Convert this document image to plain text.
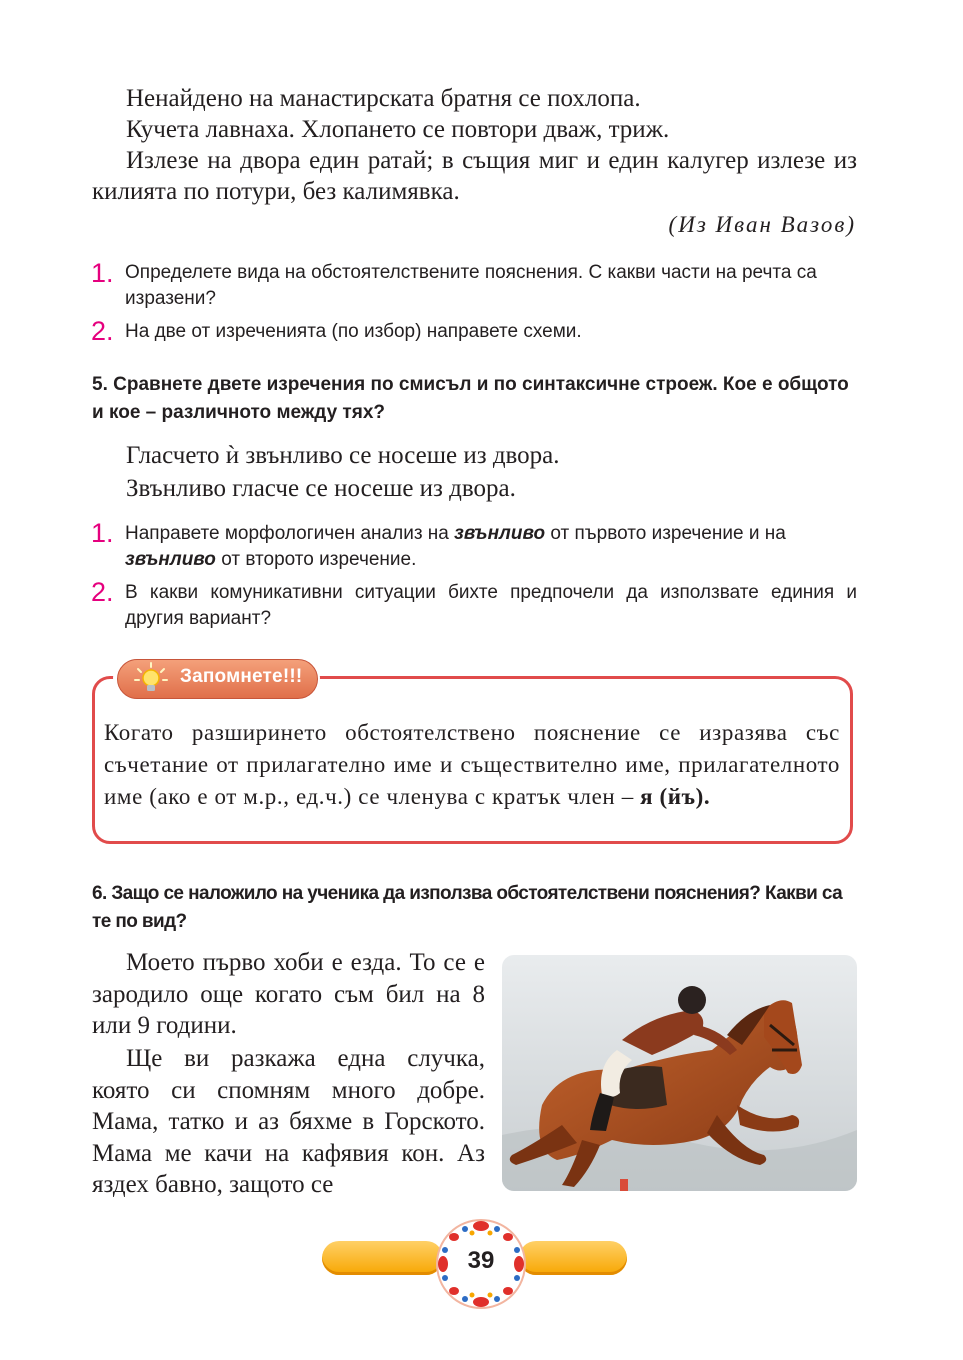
Ненайдено на манастирската братня се похлопа.
Кучета лавнаха. Хлопането се повтори дваж, триж.
Излезе на двора един ратай; в същия миг и един калугер излезе из килията по потури, без калимявка.
(Из Иван Вазов)
1. Определете вида на обстоятелствените пояснения. С какви части на речта са изразени?
2. На две от изреченията (по избор) направете схеми.
5. Сравнете двете изречения по смисъл и по синтаксичне строеж. Кое е общото и кое – различното между тях?
Гласчето ѝ звънливо се носеше из двора.
Звънливо гласче се носеше из двора.
1. Направете морфологичен анализ на звънливо от първото изречение и на звънливо от второто изречение.
2. В какви комуникативни ситуации бихте предпочели да използвате единия и другия вариант?
Запомнете!!!
Когато разширинето обстоятелствено пояснение се изразява със съчетание от прилагателно име и съществително име, прилагателното име (ако е от м.р., ед.ч.) се членува с кратък член – я (йъ).
6. Защо се наложило на ученика да използва обстоятелствени пояснения? Какви са те по вид?
Моето първо хоби е езда. То се е зародило още когато съм бил на 8 или 9 години.
Ще ви разкажа една случка, която си спомням много добре. Мама, татко и аз бяхме в Горското. Мама ме качи на кафявия кон. Аз яздех бавно, защото се
39
